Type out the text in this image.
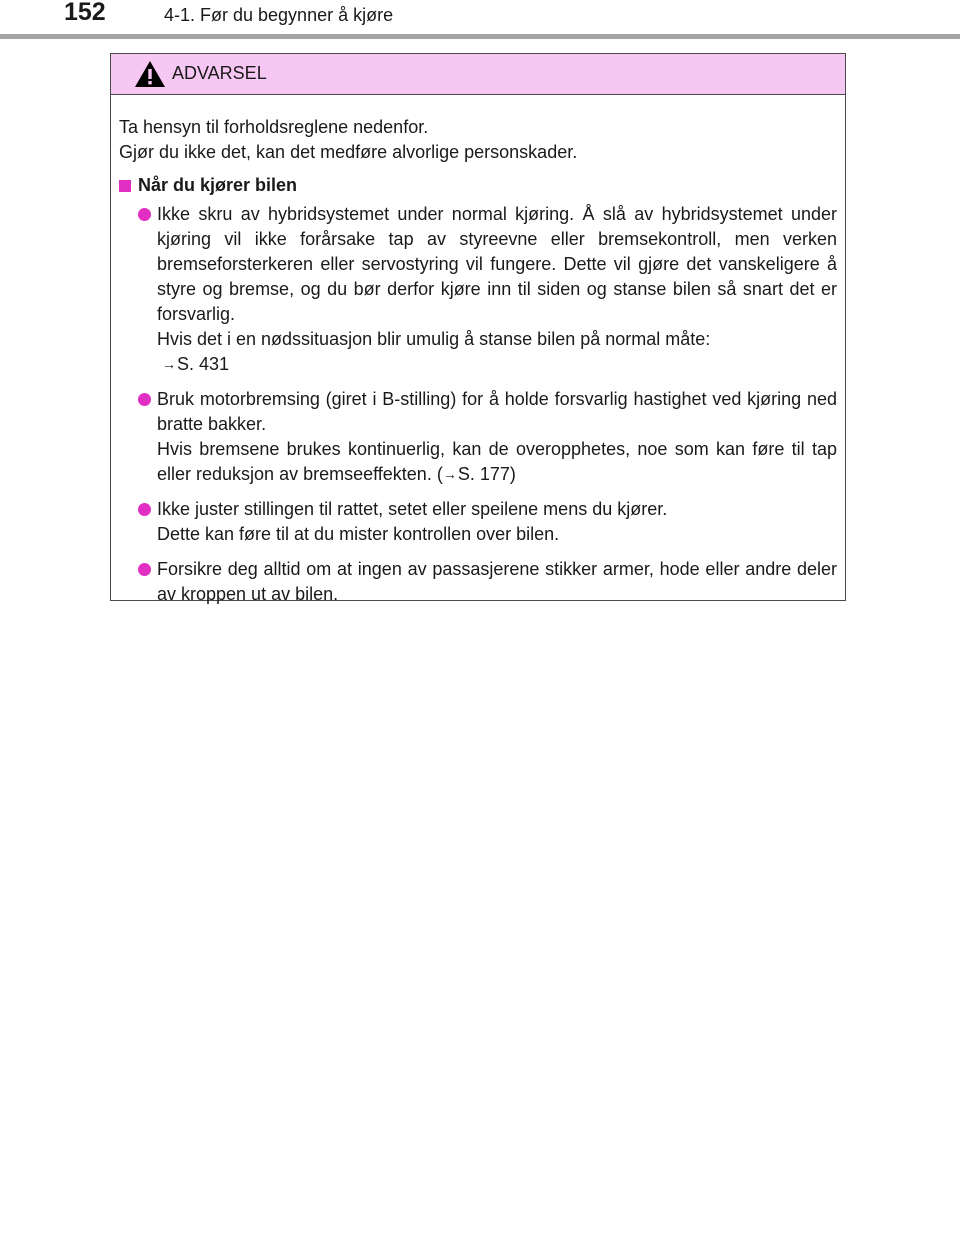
152	4-1. Før du begynner å kjøre
ADVARSEL
Ta hensyn til forholdsreglene nedenfor.
Gjør du ikke det, kan det medføre alvorlige personskader.
Når du kjører bilen
Ikke skru av hybridsystemet under normal kjøring. Å slå av hybridsystemet under kjøring vil ikke forårsake tap av styreevne eller bremsekontroll, men verken bremseforsterkeren eller servostyring vil fungere. Dette vil gjøre det vanskeligere å styre og bremse, og du bør derfor kjøre inn til siden og stanse bilen så snart det er forsvarlig.
Hvis det i en nødssituasjon blir umulig å stanse bilen på normal måte:
→S. 431
Bruk motorbremsing (giret i B-stilling) for å holde forsvarlig hastighet ved kjøring ned bratte bakker.
Hvis bremsene brukes kontinuerlig, kan de overopphetes, noe som kan føre til tap eller reduksjon av bremseeffekten. (→S. 177)
Ikke juster stillingen til rattet, setet eller speilene mens du kjører.
Dette kan føre til at du mister kontrollen over bilen.
Forsikre deg alltid om at ingen av passasjerene stikker armer, hode eller andre deler av kroppen ut av bilen.
